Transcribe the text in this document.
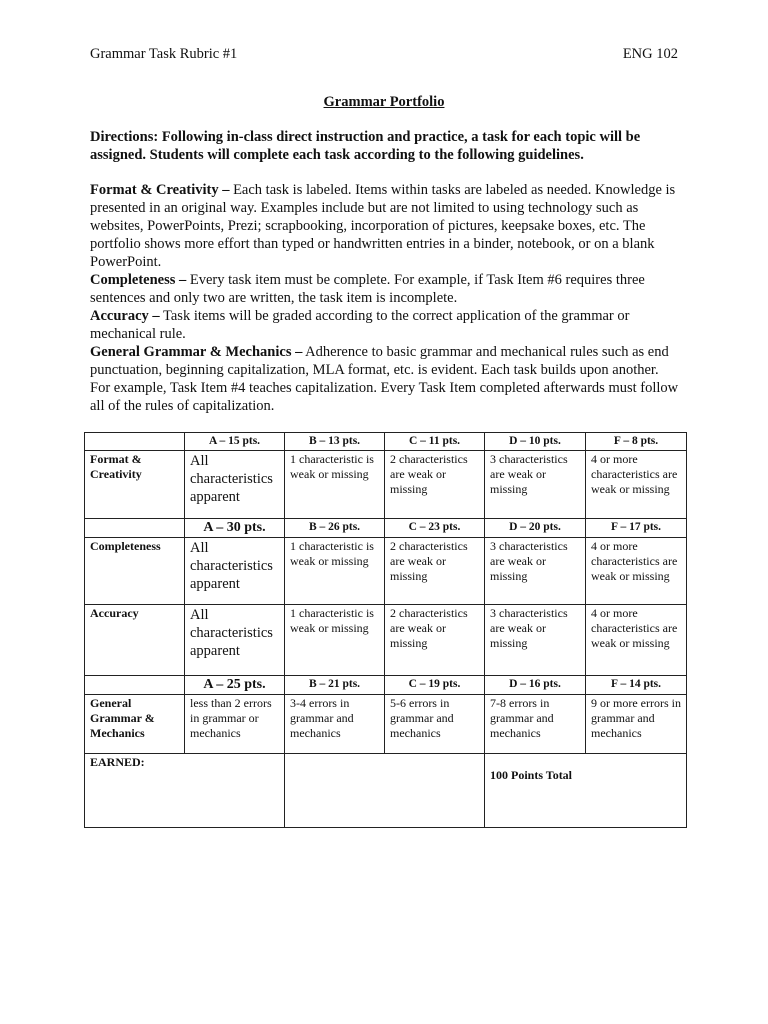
Grammar Task Rubric #1	ENG 102
Grammar Portfolio
Directions: Following in-class direct instruction and practice, a task for each topic will be assigned. Students will complete each task according to the following guidelines.

Format & Creativity – Each task is labeled. Items within tasks are labeled as needed. Knowledge is presented in an original way. Examples include but are not limited to using technology such as websites, PowerPoints, Prezi; scrapbooking, incorporation of pictures, keepsake boxes, etc. The portfolio shows more effort than typed or handwritten entries in a binder, notebook, or on a blank PowerPoint.

Completeness – Every task item must be complete. For example, if Task Item #6 requires three sentences and only two are written, the task item is incomplete.

Accuracy – Task items will be graded according to the correct application of the grammar or mechanical rule.

General Grammar & Mechanics – Adherence to basic grammar and mechanical rules such as end punctuation, beginning capitalization, MLA format, etc. is evident. Each task builds upon another. For example, Task Item #4 teaches capitalization. Every Task Item completed afterwards must follow all of the rules of capitalization.

	A – 15 pts.	B – 13 pts.	C – 11 pts.	D – 10 pts.	F – 8 pts.
Format & Creativity	All characteristics apparent	1 characteristic is weak or missing	2 characteristics are weak or missing	3 characteristics are weak or missing	4 or more characteristics are weak or missing
	A – 30 pts.	B – 26 pts.	C – 23 pts.	D – 20 pts.	F – 17 pts.
Completeness	All characteristics apparent	1 characteristic is weak or missing	2 characteristics are weak or missing	3 characteristics are weak or missing	4 or more characteristics are weak or missing
Accuracy	All characteristics apparent	1 characteristic is weak or missing	2 characteristics are weak or missing	3 characteristics are weak or missing	4 or more characteristics are weak or missing
	A – 25 pts.	B – 21 pts.	C – 19 pts.	D – 16 pts.	F – 14 pts.
General Grammar & Mechanics	less than 2 errors in grammar or mechanics	3-4 errors in grammar and mechanics	5-6 errors in grammar and mechanics	7-8 errors in grammar and mechanics	9 or more errors in grammar and mechanics
EARNED:				100 Points Total	
